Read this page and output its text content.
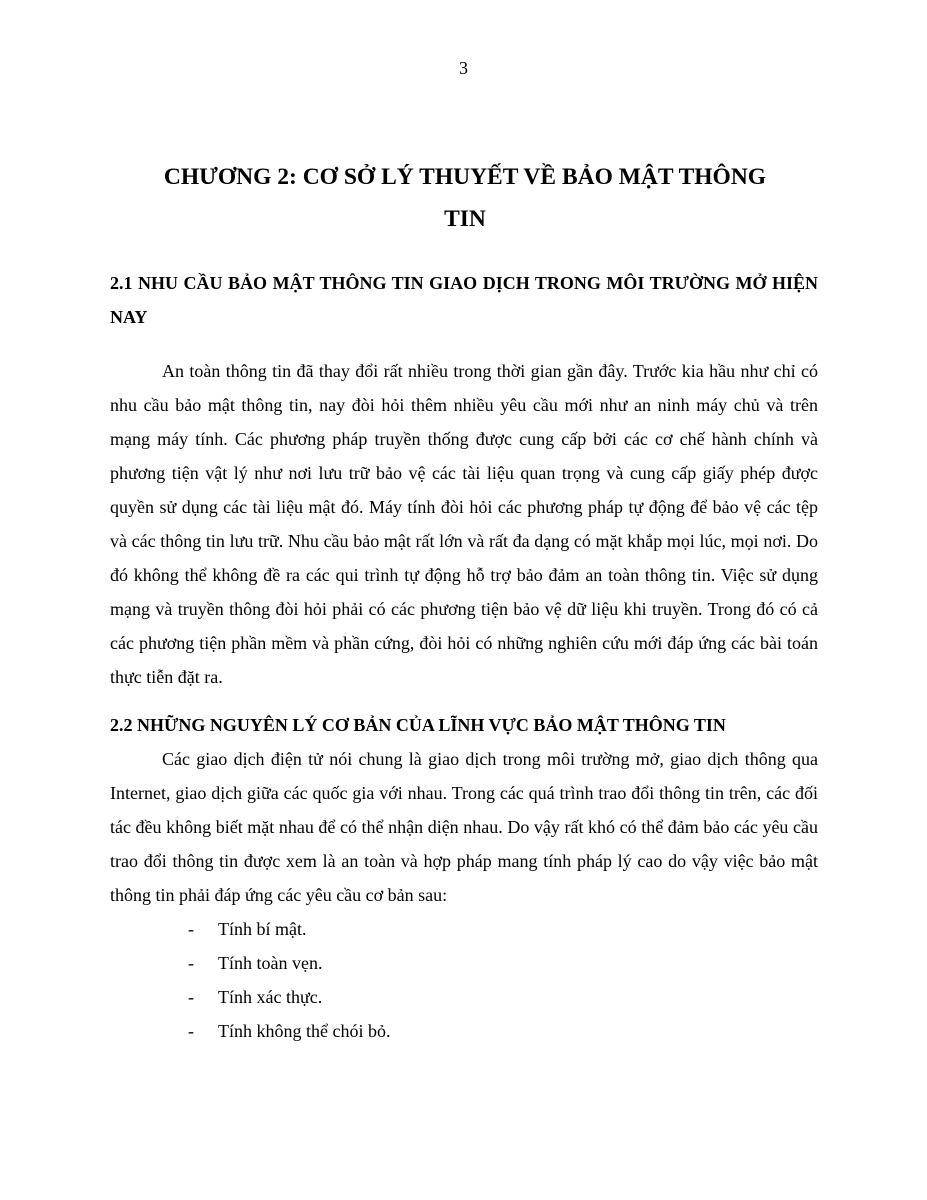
3
CHƯƠNG 2: CƠ SỞ LÝ THUYẾT VỀ BẢO MẬT THÔNG TIN
2.1 NHU CẦU BẢO MẬT THÔNG TIN GIAO DỊCH TRONG MÔI TRƯỜNG MỞ HIỆN NAY

An toàn thông tin đã thay đổi rất nhiều trong thời gian gần đây. Trước kia hầu như chỉ có nhu cầu bảo mật thông tin, nay đòi hỏi thêm nhiều yêu cầu mới như an ninh máy chủ và trên mạng máy tính. Các phương pháp truyền thống được cung cấp bởi các cơ chế hành chính và phương tiện vật lý như nơi lưu trữ bảo vệ các tài liệu quan trọng và cung cấp giấy phép được quyền sử dụng các tài liệu mật đó. Máy tính đòi hỏi các phương pháp tự động để bảo vệ các tệp và các thông tin lưu trữ. Nhu cầu bảo mật rất lớn và rất đa dạng có mặt khắp mọi lúc, mọi nơi. Do đó không thể không đề ra các qui trình tự động hỗ trợ bảo đảm an toàn thông tin. Việc sử dụng mạng và truyền thông đòi hỏi phải có các phương tiện bảo vệ dữ liệu khi truyền. Trong đó có cả các phương tiện phần mềm và phần cứng, đòi hỏi có những nghiên cứu mới đáp ứng các bài toán thực tiễn đặt ra.

2.2 NHỮNG NGUYÊN LÝ CƠ BẢN CỦA LĨNH VỰC BẢO MẬT THÔNG TIN

Các giao dịch điện tử nói chung là giao dịch trong môi trường mở, giao dịch thông qua Internet, giao dịch giữa các quốc gia với nhau. Trong các quá trình trao đổi thông tin trên, các đối tác đều không biết mặt nhau để có thể nhận diện nhau. Do vậy rất khó có thể đảm bảo các yêu cầu trao đổi thông tin được xem là an toàn và hợp pháp mang tính pháp lý cao do vậy việc bảo mật thông tin phải đáp ứng các yêu cầu cơ bản sau:

- Tính bí mật.
- Tính toàn vẹn.
- Tính xác thực.
- Tính không thể chói bỏ.
